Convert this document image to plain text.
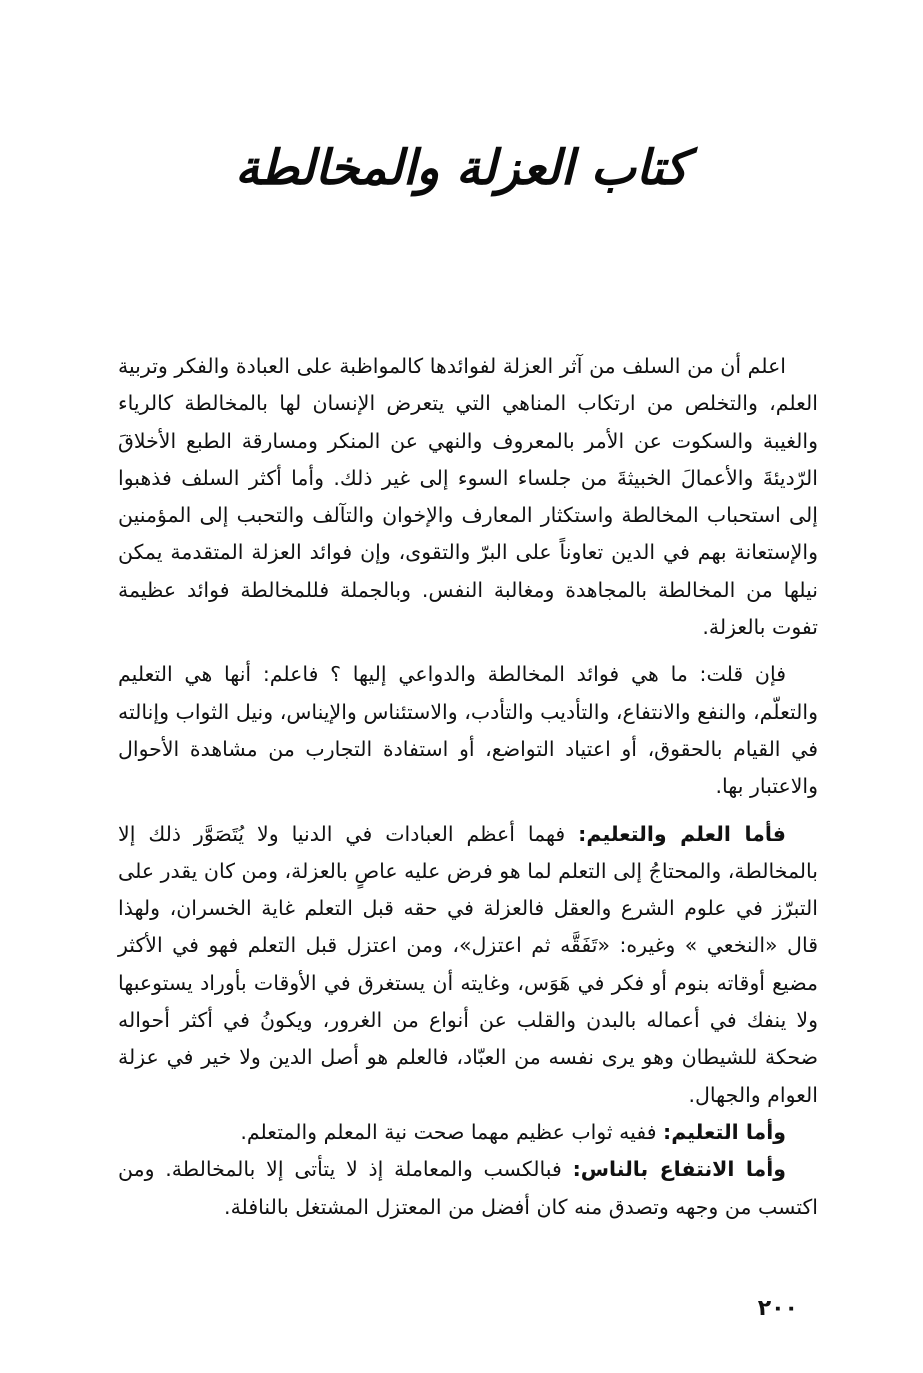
كتاب العزلة والمخالطة

اعلم أن من السلف من آثر العزلة لفوائدها كالمواظبة على العبادة والفكر وتربية العلم، والتخلص من ارتكاب المناهي التي يتعرض الإنسان لها بالمخالطة كالرياء والغيبة والسكوت عن الأمر بالمعروف والنهي عن المنكر ومسارقة الطبع الأخلاقَ الرّديئةَ والأعمالَ الخبيثةَ من جلساء السوء إلى غير ذلك. وأما أكثر السلف فذهبوا إلى استحباب المخالطة واستكثار المعارف والإخوان والتآلف والتحبب إلى المؤمنين والإستعانة بهم في الدين تعاوناً على البرّ والتقوى، وإن فوائد العزلة المتقدمة يمكن نيلها من المخالطة بالمجاهدة ومغالبة النفس. وبالجملة فللمخالطة فوائد عظيمة تفوت بالعزلة.

فإن قلت: ما هي فوائد المخالطة والدواعي إليها ؟ فاعلم: أنها هي التعليم والتعلّم، والنفع والانتفاع، والتأديب والتأدب، والاستئناس والإيناس، ونيل الثواب وإنالته في القيام بالحقوق، أو اعتياد التواضع، أو استفادة التجارب من مشاهدة الأحوال والاعتبار بها.

فأما العلم والتعليم: فهما أعظم العبادات في الدنيا ولا يُتَصَوَّر ذلك إلا بالمخالطة، والمحتاجُ إلى التعلم لما هو فرض عليه عاصٍ بالعزلة، ومن كان يقدر على التبرّز في علوم الشرع والعقل فالعزلة في حقه قبل التعلم غاية الخسران، ولهذا قال «النخعي » وغيره: «تَفَقَّه ثم اعتزل»، ومن اعتزل قبل التعلم فهو في الأكثر مضيع أوقاته بنوم أو فكر في هَوَس، وغايته أن يستغرق في الأوقات بأوراد يستوعبها ولا ينفك في أعماله بالبدن والقلب عن أنواع من الغرور، ويكونُ في أكثر أحواله ضحكة للشيطان وهو يرى نفسه من العبّاد، فالعلم هو أصل الدين ولا خير في عزلة العوام والجهال.

وأما التعليم: ففيه ثواب عظيم مهما صحت نية المعلم والمتعلم.

وأما الانتفاع بالناس: فبالكسب والمعاملة إذ لا يتأتى إلا بالمخالطة. ومن اكتسب من وجهه وتصدق منه كان أفضل من المعتزل المشتغل بالنافلة.

٢٠٠
